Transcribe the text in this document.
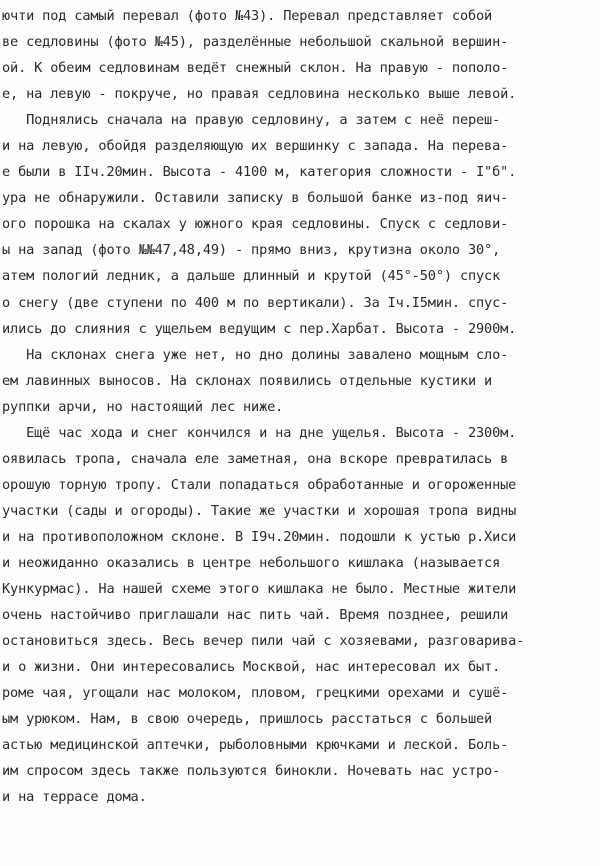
ючти под самый перевал (фото №43). Перевал представляет собой
ве седловины (фото №45), разделённые небольшой скальной вершин-
ой. К обеим седловинам ведёт снежный склон. На правую - пополо-
е, на левую - покруче, но правая седловина несколько выше левой.
Поднялись сначала на правую седловину, а затем с неё переш-
и на левую, обойдя разделяющую их вершинку с запада. На перева-
е были в IIч.20мин. Высота - 4100 м, категория сложности - I"б".
ура не обнаружили. Оставили записку в большой банке из-под яич-
ого порошка на скалах у южного края седловины. Спуск с седлови-
ы на запад (фото №№47,48,49) - прямо вниз, крутизна около 30°,
атем пологий ледник, а дальше длинный и крутой (45°-50°) спуск
о снегу (две ступени по 400 м по вертикали). За Iч.I5мин. спус-
ились до слияния с ущельем ведущим с пер.Харбат. Высота - 2900м.
На склонах снега уже нет, но дно долины завалено мощным сло-
ем лавинных выносов. На склонах появились отдельные кустики и
руппки арчи, но настоящий лес ниже.
Ещё час хода и снег кончился и на дне ущелья. Высота - 2300м.
оявилась тропа, сначала еле заметная, она вскоре превратилась в
орошую торную тропу. Стали попадаться обработанные и огороженные
участки (сады и огороды). Такие же участки и хорошая тропа видны
и на противоположном склоне. В I9ч.20мин. подошли к устью р.Хиси
и неожиданно оказались в центре небольшого кишлака (называется
Кункурмас). На нашей схеме этого кишлака не было. Местные жители
очень настойчиво приглашали нас пить чай. Время позднее, решили
остановиться здесь. Весь вечер пили чай с хозяевами, разговарива-
и о жизни. Они интересовались Москвой, нас интересовал их быт.
роме чая, угощали нас молоком, пловом, грецкими орехами и сушё-
ым урюком. Нам, в свою очередь, пришлось расстаться с большей
астью медицинской аптечки, рыболовными крючками и леской. Боль-
им спросом здесь также пользуются бинокли. Ночевать нас устро-
и на террасе дома.
